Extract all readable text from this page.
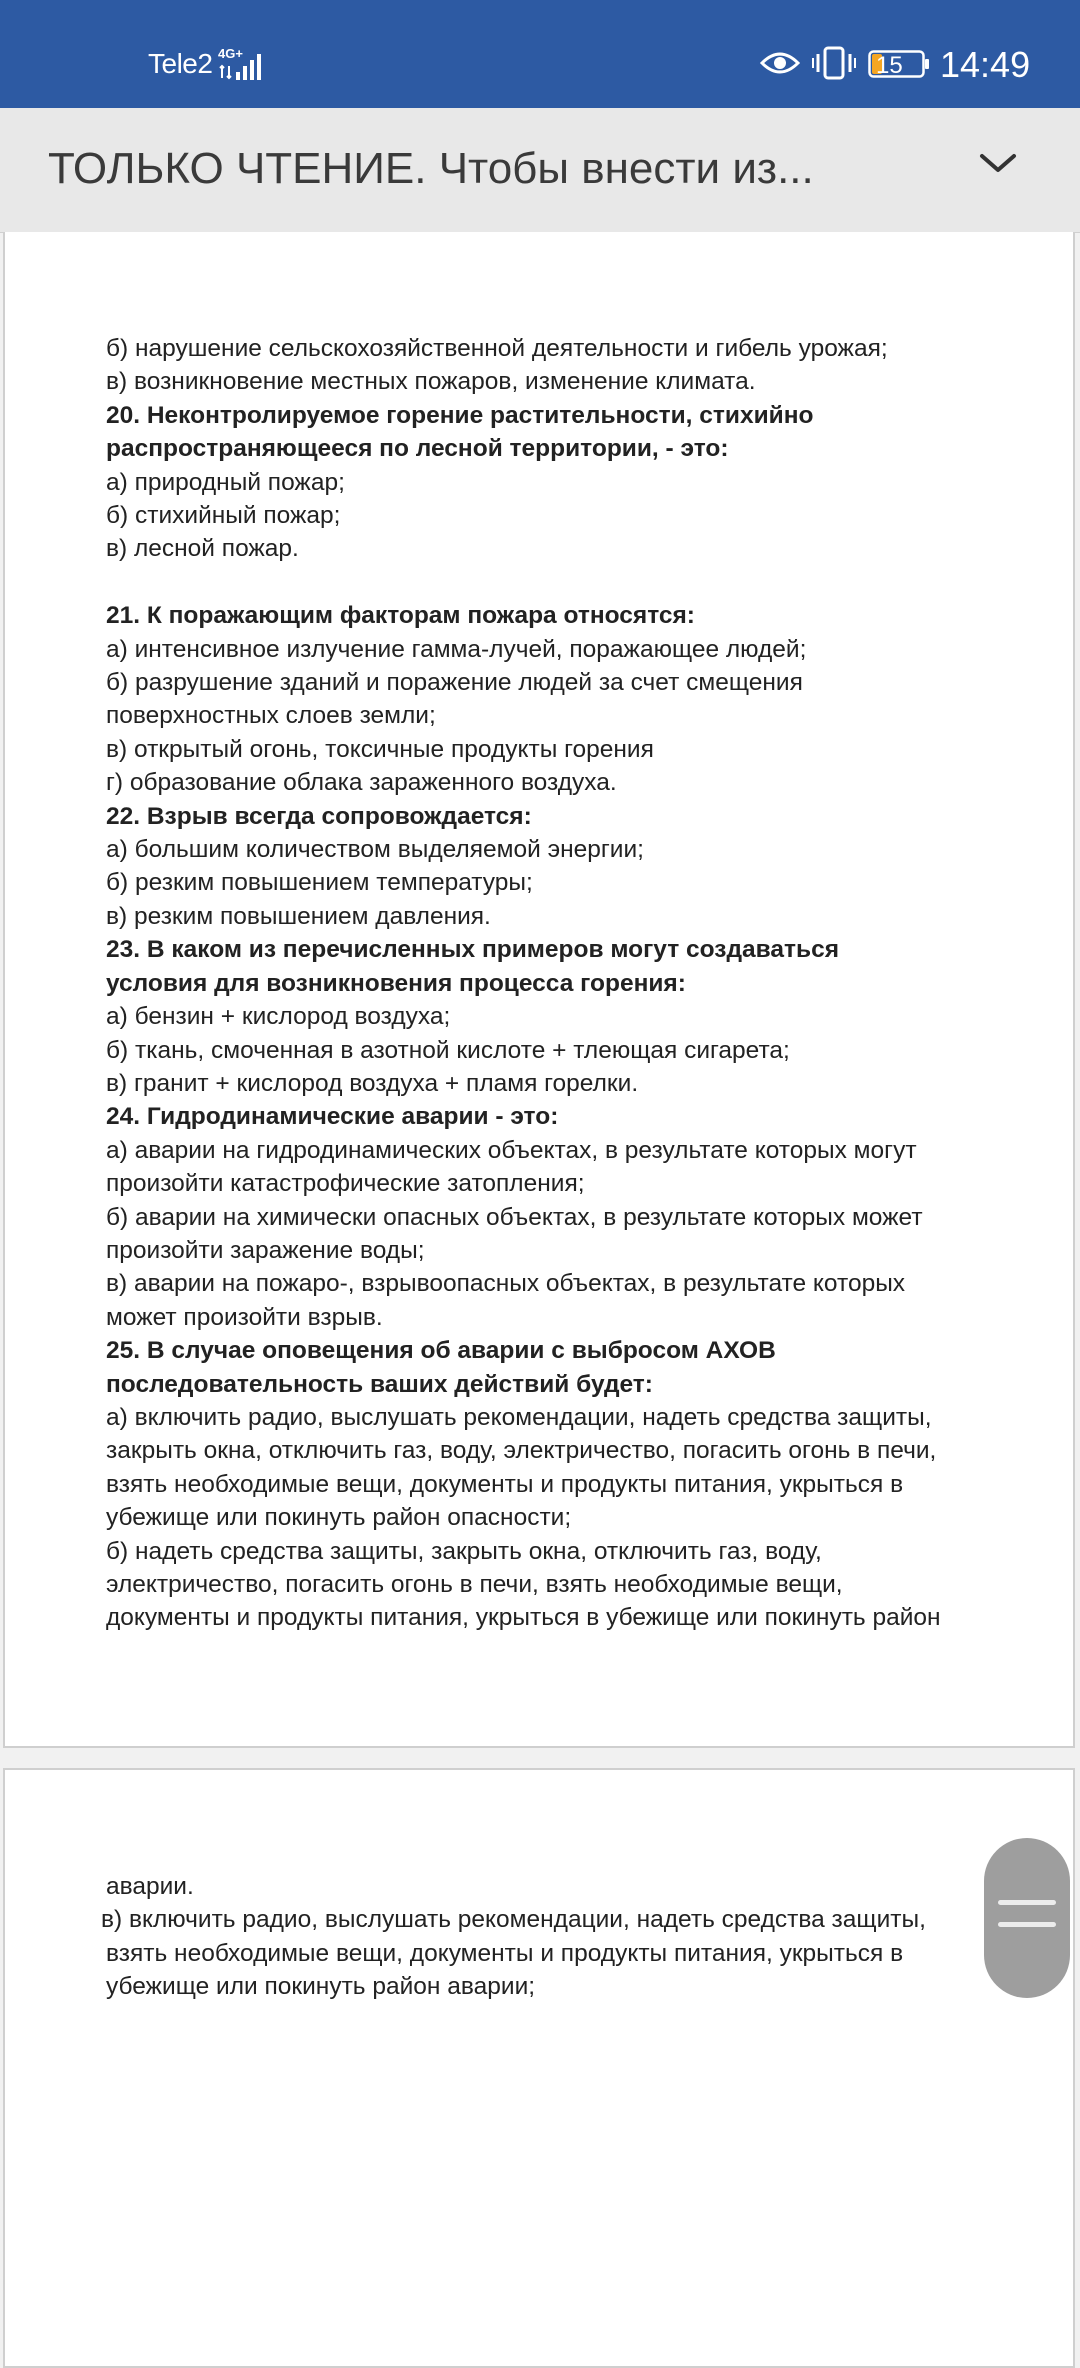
Tele2 4G+	15 14:49
ТОЛЬКО ЧТЕНИЕ. Чтобы внести из...
б) нарушение сельскохозяйственной деятельности и гибель урожая;
в) возникновение местных пожаров, изменение климата.
20. Неконтролируемое горение растительности, стихийно
распространяющееся по лесной территории, - это:
а) природный пожар;
б) стихийный пожар;
в) лесной пожар.
21. К поражающим факторам пожара относятся:
а) интенсивное излучение гамма-лучей, поражающее людей;
б) разрушение зданий и поражение людей за счет смещения
поверхностных слоев земли;
в) открытый огонь, токсичные продукты горения
г) образование облака зараженного воздуха.
22. Взрыв всегда сопровождается:
а) большим количеством выделяемой энергии;
б) резким повышением температуры;
в) резким повышением давления.
23. В каком из перечисленных примеров могут создаваться
условия для возникновения процесса горения:
а) бензин + кислород воздуха;
б) ткань, смоченная в азотной кислоте + тлеющая сигарета;
в) гранит + кислород воздуха + пламя горелки.
24. Гидродинамические аварии - это:
а) аварии на гидродинамических объектах, в результате которых могут
произойти катастрофические затопления;
б) аварии на химически опасных объектах, в результате которых может
произойти заражение воды;
в) аварии на пожаро-, взрывоопасных объектах, в результате которых
может произойти взрыв.
25. В случае оповещения об аварии с выбросом АХОВ
последовательность ваших действий будет:
а) включить радио, выслушать рекомендации, надеть средства защиты,
закрыть окна, отключить газ, воду, электричество, погасить огонь в печи,
взять необходимые вещи, документы и продукты питания, укрыться в
убежище или покинуть район опасности;
б) надеть средства защиты, закрыть окна, отключить газ, воду,
электричество, погасить огонь в печи, взять необходимые вещи,
документы и продукты питания, укрыться в убежище или покинуть район
аварии.
в) включить радио, выслушать рекомендации, надеть средства защиты,
взять необходимые вещи, документы и продукты питания, укрыться в
убежище или покинуть район аварии;
